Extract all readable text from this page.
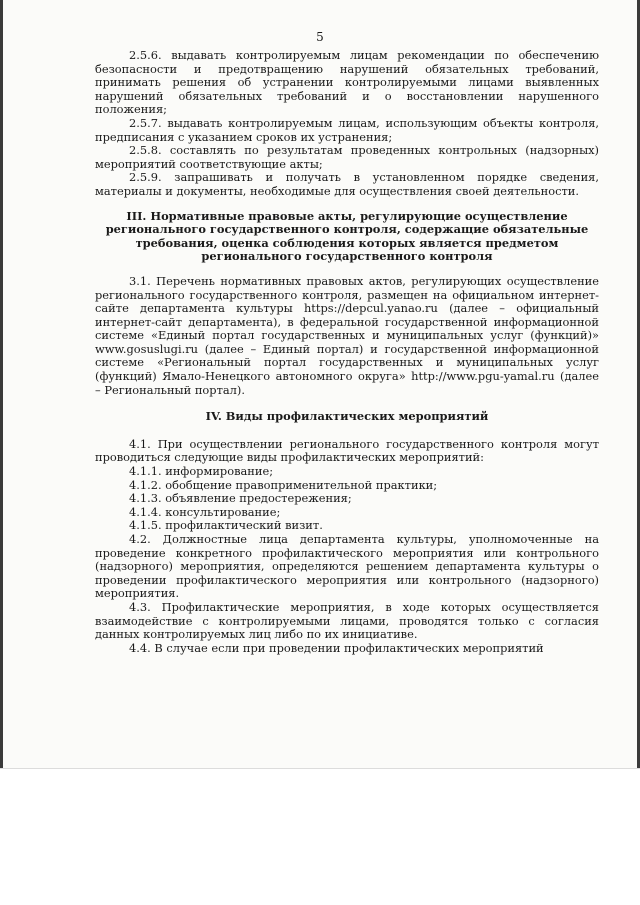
5

2.5.6. выдавать контролируемым лицам рекомендации по обеспечению безопасности и предотвращению нарушений обязательных требований, принимать решения об устранении контролируемыми лицами выявленных нарушений обязательных требований и о восстановлении нарушенного положения;

2.5.7. выдавать контролируемым лицам, использующим объекты контроля, предписания с указанием сроков их устранения;

2.5.8. составлять по результатам проведенных контрольных (надзорных) мероприятий соответствующие акты;

2.5.9. запрашивать и получать в установленном порядке сведения, материалы и документы, необходимые для осуществления своей деятельности.

III. Нормативные правовые акты, регулирующие осуществление регионального государственного контроля, содержащие обязательные требования, оценка соблюдения которых является предметом регионального государственного контроля

3.1. Перечень нормативных правовых актов, регулирующих осуществление регионального государственного контроля, размещен на официальном интернет-сайте департамента культуры https://depcul.yanao.ru (далее – официальный интернет-сайт департамента), в федеральной государственной информационной системе «Единый портал государственных и муниципальных услуг (функций)» www.gosuslugi.ru (далее – Единый портал) и государственной информационной системе «Региональный портал государственных и муниципальных услуг (функций) Ямало-Ненецкого автономного округа» http://www.pgu-yamal.ru (далее – Региональный портал).

IV. Виды профилактических мероприятий

4.1. При осуществлении регионального государственного контроля могут проводиться следующие виды профилактических мероприятий:

4.1.1. информирование;

4.1.2. обобщение правоприменительной практики;

4.1.3. объявление предостережения;

4.1.4. консультирование;

4.1.5. профилактический визит.

4.2. Должностные лица департамента культуры, уполномоченные на проведение конкретного профилактического мероприятия или контрольного (надзорного) мероприятия, определяются решением департамента культуры о проведении профилактического мероприятия или контрольного (надзорного) мероприятия.

4.3. Профилактические мероприятия, в ходе которых осуществляется взаимодействие с контролируемыми лицами, проводятся только с согласия данных контролируемых лиц либо по их инициативе.

4.4. В случае если при проведении профилактических мероприятий
